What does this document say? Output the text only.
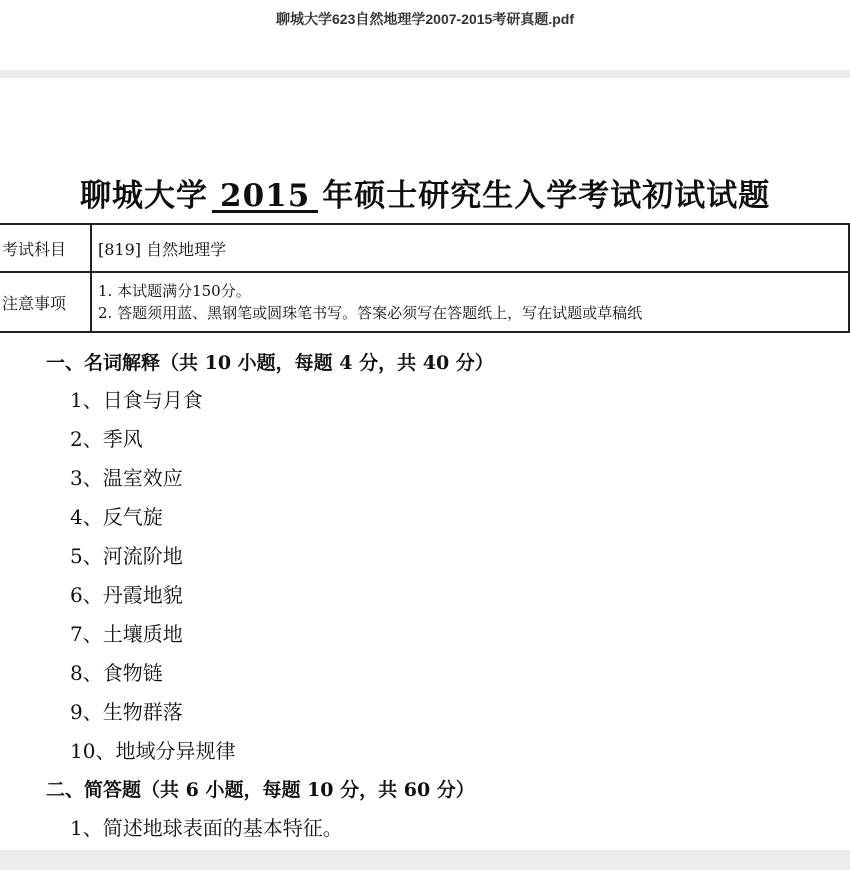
聊城大学623自然地理学2007-2015考研真题.pdf
聊城大学 2015 年硕士研究生入学考试初试试题
考试科目	[819] 自然地理学
注意事项	1. 本试题满分150分。
2. 答题须用蓝、黑钢笔或圆珠笔书写。答案必须写在答题纸上，写在试题或草稿纸
一、名词解释（共 10 小题，每题 4 分，共 40 分）
1、日食与月食
2、季风
3、温室效应
4、反气旋
5、河流阶地
6、丹霞地貌
7、土壤质地
8、食物链
9、生物群落
10、地域分异规律
二、简答题（共 6 小题，每题 10 分，共 60 分）
1、简述地球表面的基本特征。
